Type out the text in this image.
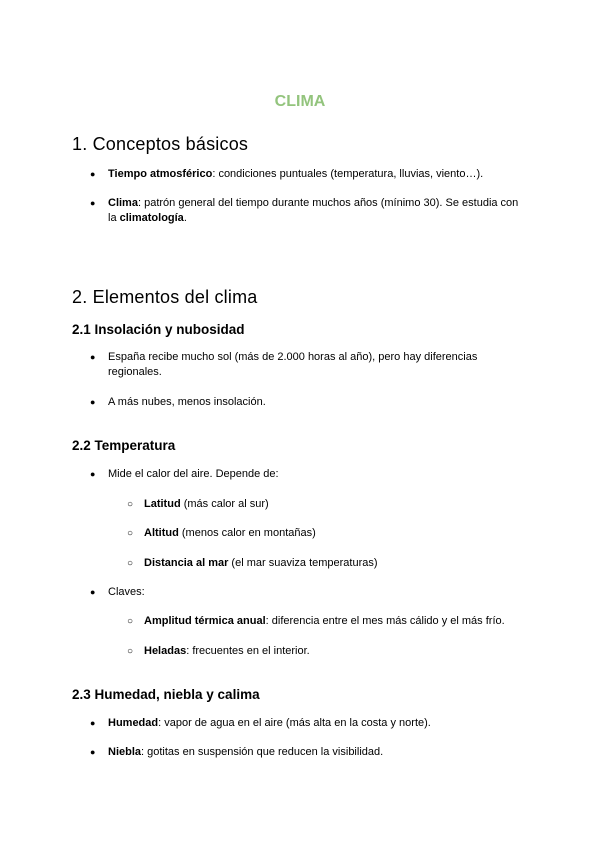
CLIMA
1. Conceptos básicos

● Tiempo atmosférico: condiciones puntuales (temperatura, lluvias, viento…).

● Clima: patrón general del tiempo durante muchos años (mínimo 30). Se estudia con la climatología.

2. Elementos del clima
2.1 Insolación y nubosidad

● España recibe mucho sol (más de 2.000 horas al año), pero hay diferencias regionales.

● A más nubes, menos insolación.

2.2 Temperatura

● Mide el calor del aire. Depende de:

○ Latitud (más calor al sur)

○ Altitud (menos calor en montañas)

○ Distancia al mar (el mar suaviza temperaturas)

● Claves:

○ Amplitud térmica anual: diferencia entre el mes más cálido y el más frío.

○ Heladas: frecuentes en el interior.

2.3 Humedad, niebla y calima

● Humedad: vapor de agua en el aire (más alta en la costa y norte).

● Niebla: gotitas en suspensión que reducen la visibilidad.
